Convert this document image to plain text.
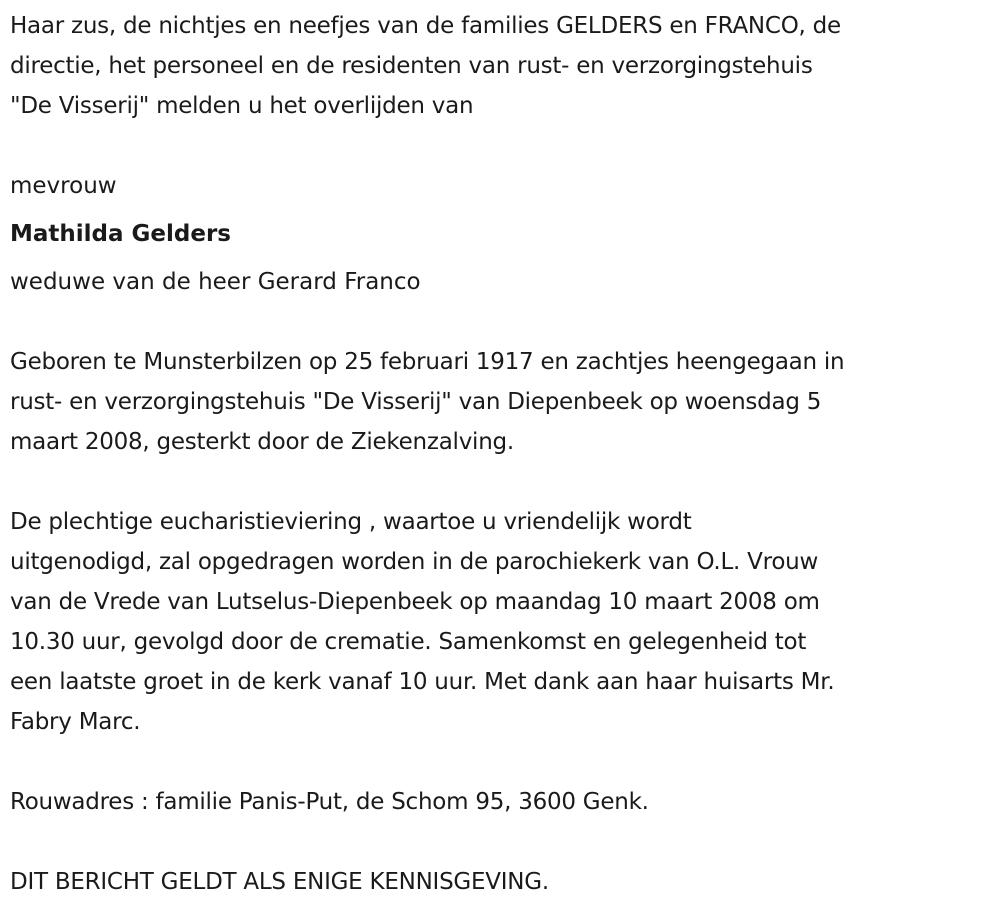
Haar zus, de nichtjes en neefjes van de families GELDERS en FRANCO, de
directie, het personeel en de residenten van rust- en verzorgingstehuis
"De Visserij" melden u het overlijden van

mevrouw

Mathilda Gelders

weduwe van de heer Gerard Franco

Geboren te Munsterbilzen op 25 februari 1917 en zachtjes heengegaan in
rust- en verzorgingstehuis "De Visserij" van Diepenbeek op woensdag 5
maart 2008, gesterkt door de Ziekenzalving.

De plechtige eucharistieviering , waartoe u vriendelijk wordt
uitgenodigd, zal opgedragen worden in de parochiekerk van O.L. Vrouw
van de Vrede van Lutselus-Diepenbeek op maandag 10 maart 2008 om
10.30 uur, gevolgd door de crematie. Samenkomst en gelegenheid tot
een laatste groet in de kerk vanaf 10 uur. Met dank aan haar huisarts Mr.
Fabry Marc.

Rouwadres : familie Panis-Put, de Schom 95, 3600 Genk.

DIT BERICHT GELDT ALS ENIGE KENNISGEVING.
